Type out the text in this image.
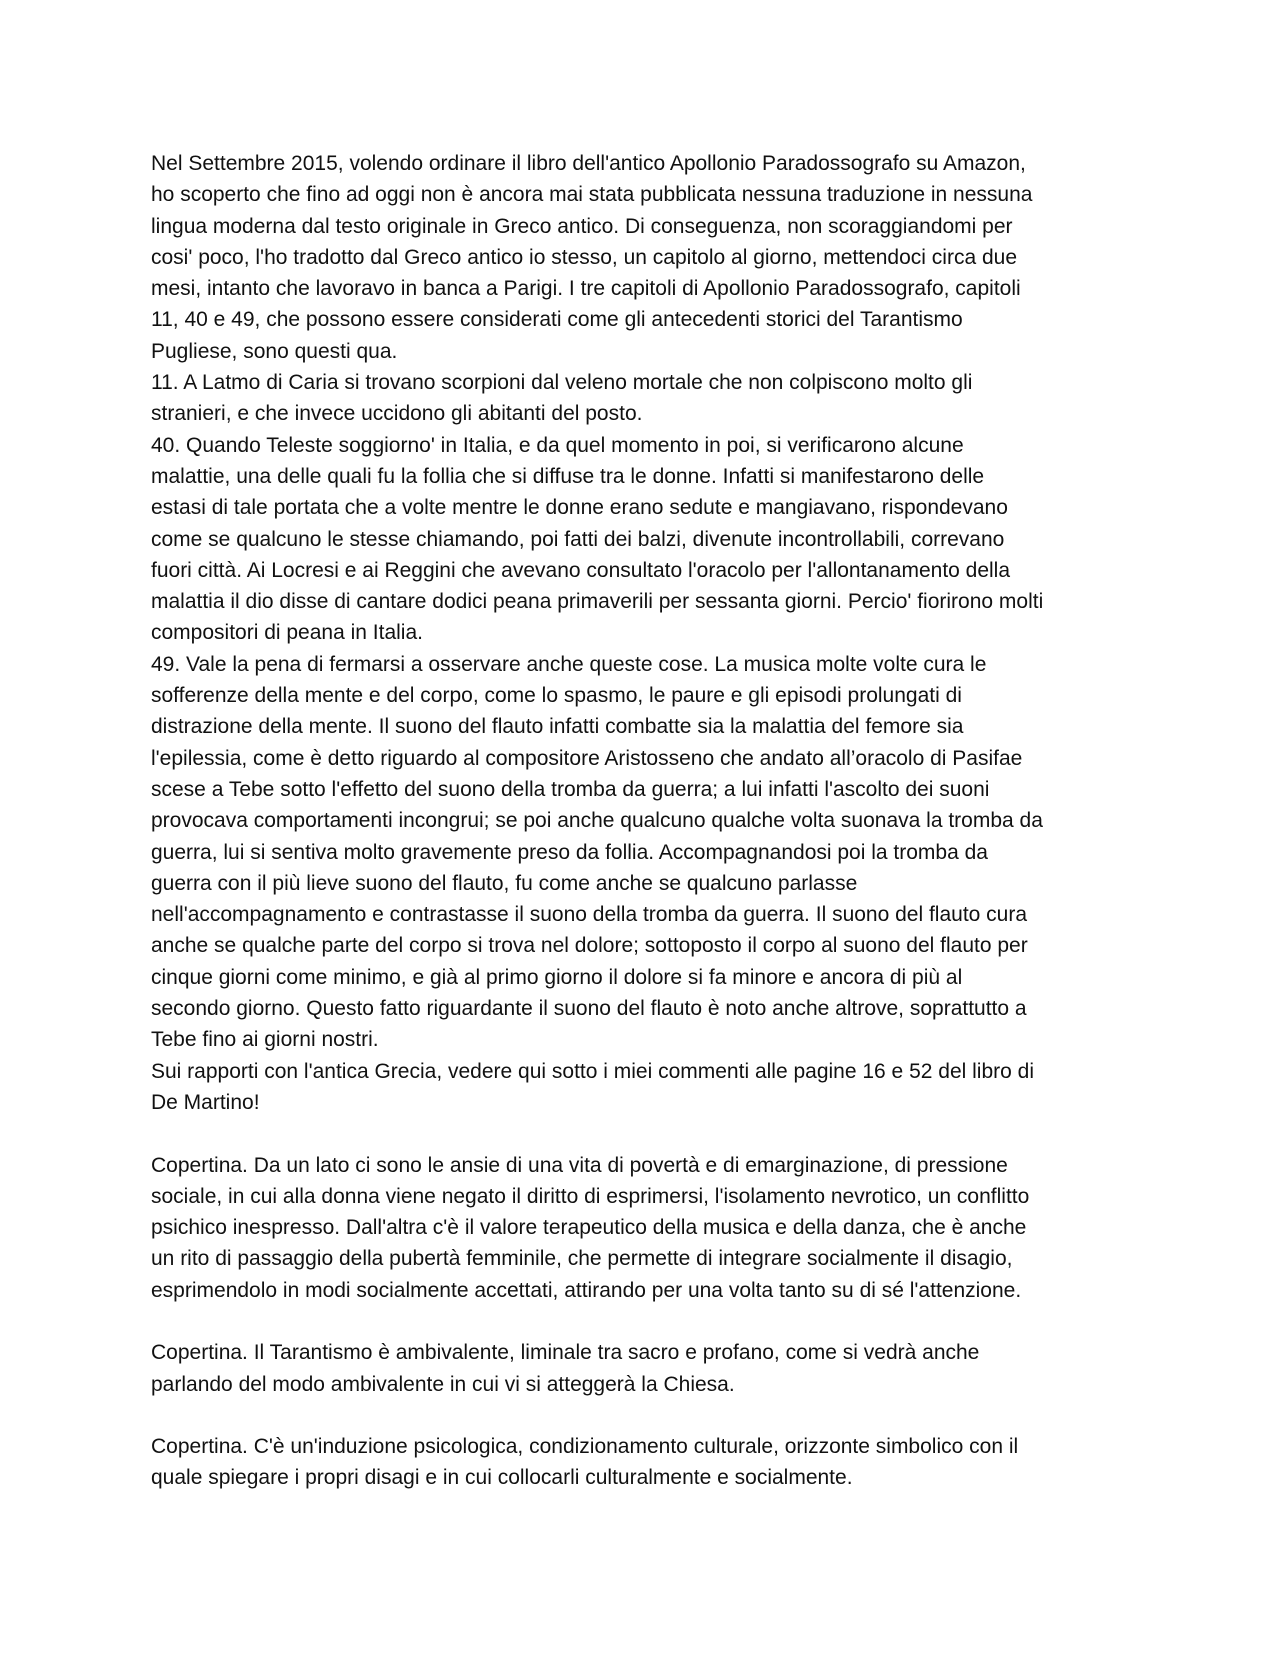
Nel Settembre 2015, volendo ordinare il libro dell'antico Apollonio Paradossografo su Amazon,
ho scoperto che fino ad oggi non è ancora mai stata pubblicata nessuna traduzione in nessuna
lingua moderna dal testo originale in Greco antico. Di conseguenza, non scoraggiandomi per
cosi' poco, l'ho tradotto dal Greco antico io stesso, un capitolo al giorno, mettendoci circa due
mesi, intanto che lavoravo in banca a Parigi. I tre capitoli di Apollonio Paradossografo, capitoli
11, 40 e 49, che possono essere considerati come gli antecedenti storici del Tarantismo
Pugliese, sono questi qua.

11. A Latmo di Caria si trovano scorpioni dal veleno mortale che non colpiscono molto gli
stranieri, e che invece uccidono gli abitanti del posto.

40. Quando Teleste soggiorno' in Italia, e da quel momento in poi, si verificarono alcune
malattie, una delle quali fu la follia che si diffuse tra le donne. Infatti si manifestarono delle
estasi di tale portata che a volte mentre le donne erano sedute e mangiavano, rispondevano
come se qualcuno le stesse chiamando, poi fatti dei balzi, divenute incontrollabili, correvano
fuori città. Ai Locresi e ai Reggini che avevano consultato l'oracolo per l'allontanamento della
malattia il dio disse di cantare dodici peana primaverili per sessanta giorni. Percio' fiorirono molti
compositori di peana in Italia.

49. Vale la pena di fermarsi a osservare anche queste cose. La musica molte volte cura le
sofferenze della mente e del corpo, come lo spasmo, le paure e gli episodi prolungati di
distrazione della mente. Il suono del flauto infatti combatte sia la malattia del femore sia
l'epilessia, come è detto riguardo al compositore Aristosseno che andato all’oracolo di Pasifae
scese a Tebe sotto l'effetto del suono della tromba da guerra; a lui infatti l'ascolto dei suoni
provocava comportamenti incongrui; se poi anche qualcuno qualche volta suonava la tromba da
guerra, lui si sentiva molto gravemente preso da follia. Accompagnandosi poi la tromba da
guerra con il più lieve suono del flauto, fu come anche se qualcuno parlasse
nell'accompagnamento e contrastasse il suono della tromba da guerra. Il suono del flauto cura
anche se qualche parte del corpo si trova nel dolore; sottoposto il corpo al suono del flauto per
cinque giorni come minimo, e già al primo giorno il dolore si fa minore e ancora di più al
secondo giorno. Questo fatto riguardante il suono del flauto è noto anche altrove, soprattutto a
Tebe fino ai giorni nostri.

Sui rapporti con l'antica Grecia, vedere qui sotto i miei commenti alle pagine 16 e 52 del libro di
De Martino!

Copertina. Da un lato ci sono le ansie di una vita di povertà e di emarginazione, di pressione
sociale, in cui alla donna viene negato il diritto di esprimersi, l'isolamento nevrotico, un conflitto
psichico inespresso. Dall'altra c'è il valore terapeutico della musica e della danza, che è anche
un rito di passaggio della pubertà femminile, che permette di integrare socialmente il disagio,
esprimendolo in modi socialmente accettati, attirando per una volta tanto su di sé l'attenzione.

Copertina. Il Tarantismo è ambivalente, liminale tra sacro e profano, come si vedrà anche
parlando del modo ambivalente in cui vi si atteggerà la Chiesa.

Copertina. C'è un'induzione psicologica, condizionamento culturale, orizzonte simbolico con il
quale spiegare i propri disagi e in cui collocarli culturalmente e socialmente.
